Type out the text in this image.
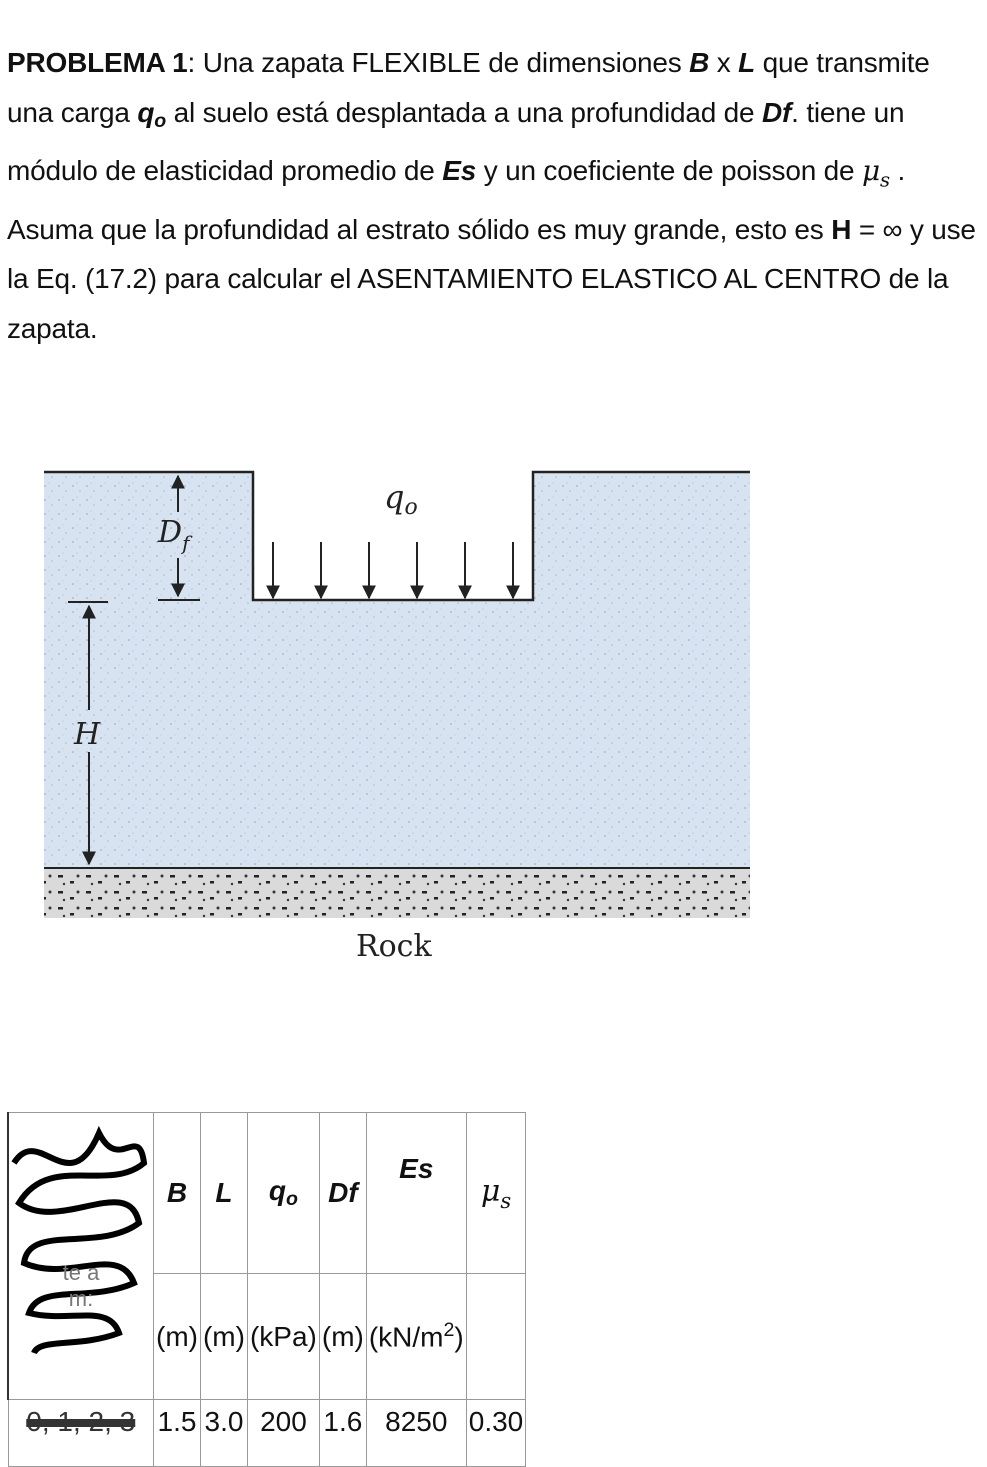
PROBLEMA 1: Una zapata FLEXIBLE de dimensiones B x L que transmite una carga qo al suelo está desplantada a una profundidad de Df. tiene un módulo de elasticidad promedio de Es y un coeficiente de poisson de $\mu_s$ . Asuma que la profundidad al estrato sólido es muy grande, esto es H = ∞ y use la Eq. (17.2) para calcular el ASENTAMIENTO ELASTICO AL CENTRO de la zapata.

qo
$D_f$
H
Rock
te a
m:	B	L	qo	Df	Es	$\mu_s$
	(m)	(m)	(kPa)	(m)	$(kN/m^2)$	
0, 1, 2, 3	1.5	3.0	200	1.6	8250	0.30
